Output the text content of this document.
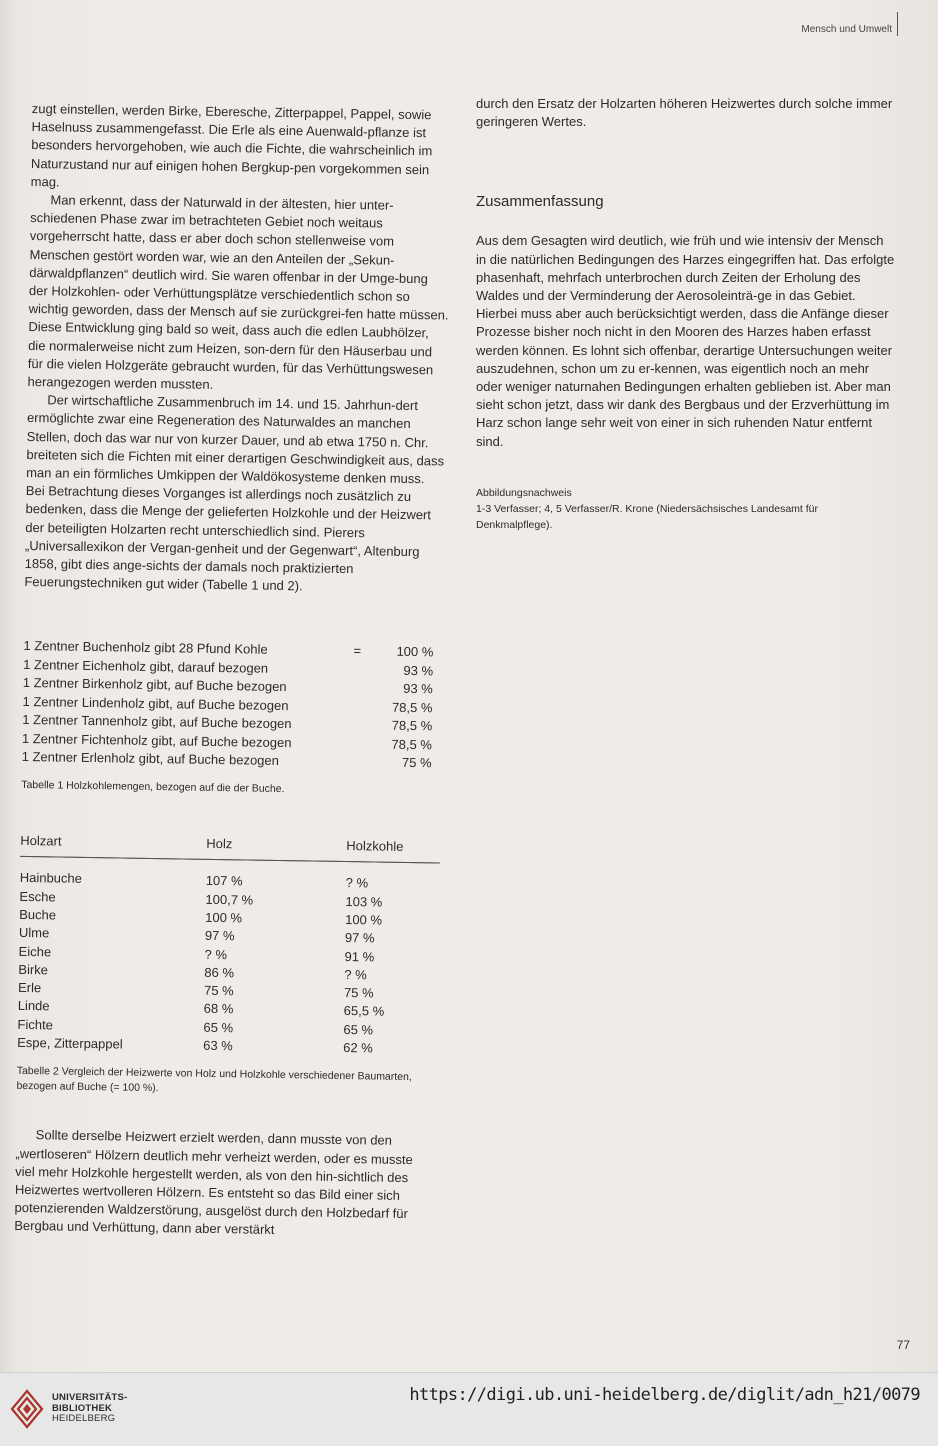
Mensch und Umwelt

zugt einstellen, werden Birke, Eberesche, Zitterpappel, Pappel, sowie Haselnuss zusammengefasst. Die Erle als eine Auenwald-pflanze ist besonders hervorgehoben, wie auch die Fichte, die wahrscheinlich im Naturzustand nur auf einigen hohen Bergkup-pen vorgekommen sein mag.

Man erkennt, dass der Naturwald in der ältesten, hier unter-schiedenen Phase zwar im betrachteten Gebiet noch weitaus vorgeherrscht hatte, dass er aber doch schon stellenweise vom Menschen gestört worden war, wie an den Anteilen der „Sekun-därwaldpflanzen“ deutlich wird. Sie waren offenbar in der Umge-bung der Holzkohlen- oder Verhüttungsplätze verschiedentlich schon so wichtig geworden, dass der Mensch auf sie zurückgrei-fen hatte müssen. Diese Entwicklung ging bald so weit, dass auch die edlen Laubhölzer, die normalerweise nicht zum Heizen, son-dern für den Häuserbau und für die vielen Holzgeräte gebraucht wurden, für das Verhüttungswesen herangezogen werden mussten.

Der wirtschaftliche Zusammenbruch im 14. und 15. Jahrhun-dert ermöglichte zwar eine Regeneration des Naturwaldes an manchen Stellen, doch das war nur von kurzer Dauer, und ab etwa 1750 n. Chr. breiteten sich die Fichten mit einer derartigen Geschwindigkeit aus, dass man an ein förmliches Umkippen der Waldökosysteme denken muss. Bei Betrachtung dieses Vorganges ist allerdings noch zusätzlich zu bedenken, dass die Menge der gelieferten Holzkohle und der Heizwert der beteiligten Holzarten recht unterschiedlich sind. Pierers „Universallexikon der Vergan-genheit und der Gegenwart“, Altenburg 1858, gibt dies ange-sichts der damals noch praktizierten Feuerungstechniken gut wider (Tabelle 1 und 2).

1 Zentner Buchenholz gibt 28 Pfund Kohle	=	100 %
1 Zentner Eichenholz gibt, darauf bezogen		93 %
1 Zentner Birkenholz gibt, auf Buche bezogen		93 %
1 Zentner Lindenholz gibt, auf Buche bezogen		78,5 %
1 Zentner Tannenholz gibt, auf Buche bezogen		78,5 %
1 Zentner Fichtenholz gibt, auf Buche bezogen		78,5 %
1 Zentner Erlenholz gibt, auf Buche bezogen		75 %
Tabelle 1 Holzkohlemengen, bezogen auf die der Buche.
Holzart	Holz	Holzkohle
Hainbuche	107 %	? %
Esche	100,7 %	103 %
Buche	100 %	100 %
Ulme	97 %	97 %
Eiche	? %	91 %
Birke	86 %	? %
Erle	75 %	75 %
Linde	68 %	65,5 %
Fichte	65 %	65 %
Espe, Zitterpappel	63 %	62 %
Tabelle 2 Vergleich der Heizwerte von Holz und Holzkohle verschiedener Baumarten, bezogen auf Buche (= 100 %).

Sollte derselbe Heizwert erzielt werden, dann musste von den „wertloseren“ Hölzern deutlich mehr verheizt werden, oder es musste viel mehr Holzkohle hergestellt werden, als von den hin-sichtlich des Heizwertes wertvolleren Hölzern. Es entsteht so das Bild einer sich potenzierenden Waldzerstörung, ausgelöst durch den Holzbedarf für Bergbau und Verhüttung, dann aber verstärkt

durch den Ersatz der Holzarten höheren Heizwertes durch solche immer geringeren Wertes.

Zusammenfassung

Aus dem Gesagten wird deutlich, wie früh und wie intensiv der Mensch in die natürlichen Bedingungen des Harzes eingegriffen hat. Das erfolgte phasenhaft, mehrfach unterbrochen durch Zeiten der Erholung des Waldes und der Verminderung der Aerosoleinträ-ge in das Gebiet. Hierbei muss aber auch berücksichtigt werden, dass die Anfänge dieser Prozesse bisher noch nicht in den Mooren des Harzes haben erfasst werden können. Es lohnt sich offenbar, derartige Untersuchungen weiter auszudehnen, schon um zu er-kennen, was eigentlich noch an mehr oder weniger naturnahen Bedingungen erhalten geblieben ist. Aber man sieht schon jetzt, dass wir dank des Bergbaus und der Erzverhüttung im Harz schon lange sehr weit von einer in sich ruhenden Natur entfernt sind.

Abbildungsnachweis
1-3 Verfasser; 4, 5 Verfasser/R. Krone (Niedersächsisches Landesamt für Denkmalpflege).
77
UNIVERSITÄTS-
BIBLIOTHEK
HEIDELBERG
https://digi.ub.uni-heidelberg.de/diglit/adn_h21/0079
